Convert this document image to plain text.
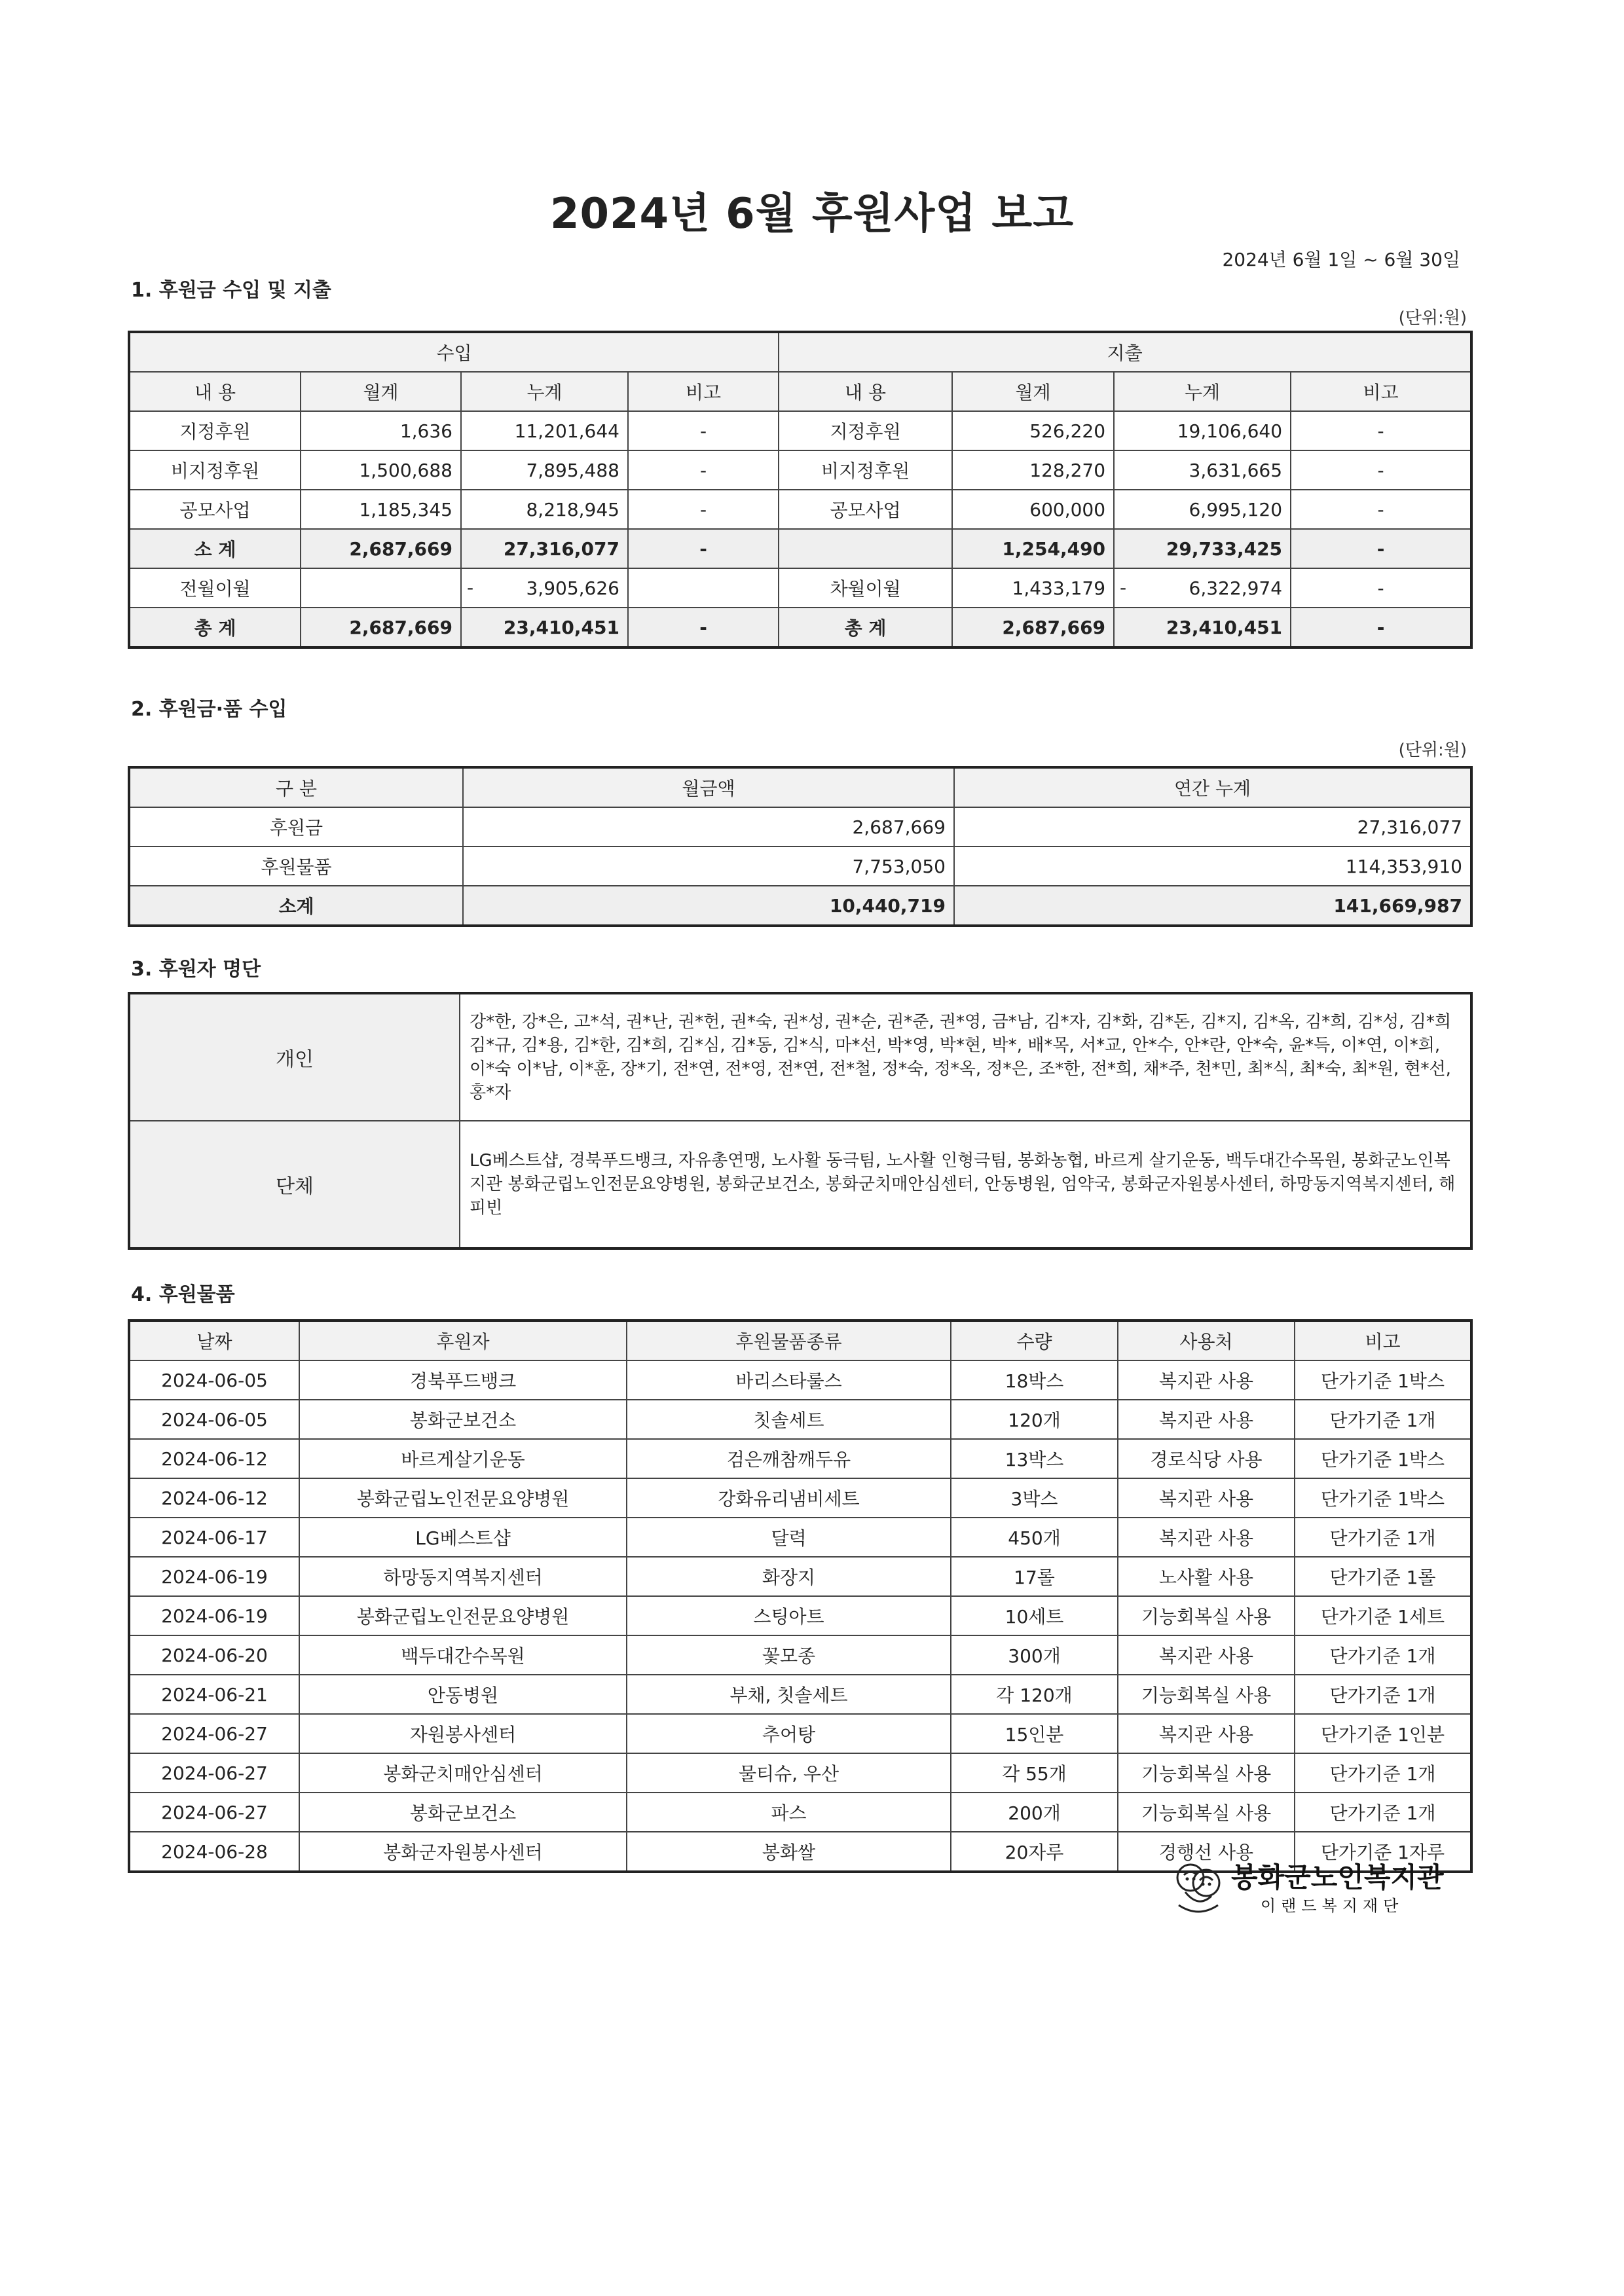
2024년 6월 후원사업 보고
2024년 6월 1일 ~ 6월 30일
1. 후원금 수입 및 지출
(단위:원)
수입				지출			
내 용	월계	누계	비고	내 용	월계	누계	비고
지정후원	1,636	11,201,644	-	지정후원	526,220	19,106,640	-
비지정후원	1,500,688	7,895,488	-	비지정후원	128,270	3,631,665	-
공모사업	1,185,345	8,218,945	-	공모사업	600,000	6,995,120	-
소 계	2,687,669	27,316,077	-		1,254,490	29,733,425	-
전월이월		- 3,905,626		차월이월	1,433,179	- 6,322,974	-
총 계	2,687,669	23,410,451	-	총 계	2,687,669	23,410,451	-
2. 후원금·품 수입
(단위:원)
구 분	월금액	연간 누계
후원금	2,687,669	27,316,077
후원물품	7,753,050	114,353,910
소계	10,440,719	141,669,987
3. 후원자 명단
개인	강*한, 강*은, 고*석, 권*난, 권*헌, 권*숙, 권*성, 권*순, 권*준, 권*영, 금*남, 김*자, 김*화, 김*돈, 김*지, 김*옥, 김*희, 김*성, 김*희 김*규, 김*용, 김*한, 김*희, 김*심, 김*동, 김*식, 마*선, 박*영, 박*현, 박*, 배*목, 서*교, 안*수, 안*란, 안*숙, 윤*득, 이*연, 이*희, 이*숙 이*남, 이*훈, 장*기, 전*연, 전*영, 전*연, 전*철, 정*숙, 정*옥, 정*은, 조*한, 전*희, 채*주, 천*민, 최*식, 최*숙, 최*원, 현*선, 홍*자
단체	LG베스트샵, 경북푸드뱅크, 자유총연맹, 노사활 동극팀, 노사활 인형극팀, 봉화농협, 바르게 살기운동, 백두대간수목원, 봉화군노인복지관 봉화군립노인전문요양병원, 봉화군보건소, 봉화군치매안심센터, 안동병원, 엄약국, 봉화군자원봉사센터, 하망동지역복지센터, 해피빈
4. 후원물품
날짜	후원자	후원물품종류	수량	사용처	비고
2024-06-05	경북푸드뱅크	바리스타룰스	18박스	복지관 사용	단가기준 1박스
2024-06-05	봉화군보건소	칫솔세트	120개	복지관 사용	단가기준 1개
2024-06-12	바르게살기운동	검은깨참깨두유	13박스	경로식당 사용	단가기준 1박스
2024-06-12	봉화군립노인전문요양병원	강화유리냄비세트	3박스	복지관 사용	단가기준 1박스
2024-06-17	LG베스트샵	달력	450개	복지관 사용	단가기준 1개
2024-06-19	하망동지역복지센터	화장지	17롤	노사활 사용	단가기준 1롤
2024-06-19	봉화군립노인전문요양병원	스팅아트	10세트	기능회복실 사용	단가기준 1세트
2024-06-20	백두대간수목원	꽃모종	300개	복지관 사용	단가기준 1개
2024-06-21	안동병원	부채, 칫솔세트	각 120개	기능회복실 사용	단가기준 1개
2024-06-27	자원봉사센터	추어탕	15인분	복지관 사용	단가기준 1인분
2024-06-27	봉화군치매안심센터	물티슈, 우산	각 55개	기능회복실 사용	단가기준 1개
2024-06-27	봉화군보건소	파스	200개	기능회복실 사용	단가기준 1개
2024-06-28	봉화군자원봉사센터	봉화쌀	20자루	경행선 사용	단가기준 1자루
봉화군노인복지관
이랜드복지재단
